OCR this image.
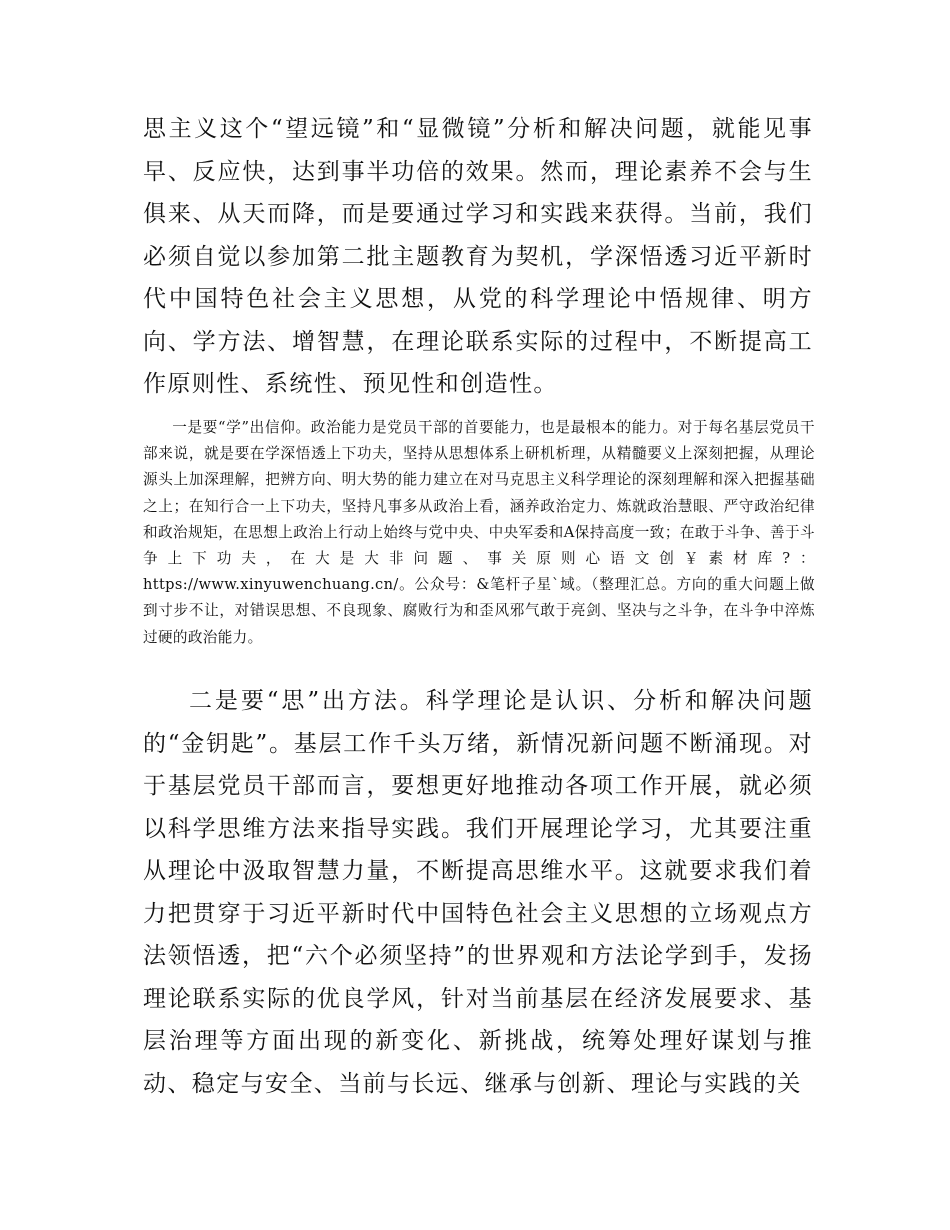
思主义这个“望远镜”和“显微镜”分析和解决问题，就能见事早、反应快，达到事半功倍的效果。然而，理论素养不会与生俱来、从天而降，而是要通过学习和实践来获得。当前，我们必须自觉以参加第二批主题教育为契机，学深悟透习近平新时代中国特色社会主义思想，从党的科学理论中悟规律、明方向、学方法、增智慧，在理论联系实际的过程中，不断提高工作原则性、系统性、预见性和创造性。

一是要“学”出信仰。政治能力是党员干部的首要能力，也是最根本的能力。对于每名基层党员干部来说，就是要在学深悟透上下功夫，坚持从思想体系上研机析理，从精髓要义上深刻把握，从理论源头上加深理解，把辨方向、明大势的能力建立在对马克思主义科学理论的深刻理解和深入把握基础之上；在知行合一上下功夫，坚持凡事多从政治上看，涵养政治定力、炼就政治慧眼、严守政治纪律和政治规矩，在思想上政治上行动上始终与党中央、中央军委和A保持高度一致；在敢于斗争、善于斗争上下功夫，在大是大非问题、事关原则心语文创￥素材库?：https://www.xinyuwenchuang.cn/。公众号：&笔杆子星`域。（整理汇总。方向的重大问题上做到寸步不让，对错误思想、不良现象、腐败行为和歪风邪气敢于亮剑、坚决与之斗争，在斗争中淬炼过硬的政治能力。

二是要“思”出方法。科学理论是认识、分析和解决问题的“金钥匙”。基层工作千头万绪，新情况新问题不断涌现。对于基层党员干部而言，要想更好地推动各项工作开展，就必须以科学思维方法来指导实践。我们开展理论学习，尤其要注重从理论中汲取智慧力量，不断提高思维水平。这就要求我们着力把贯穿于习近平新时代中国特色社会主义思想的立场观点方法领悟透，把“六个必须坚持”的世界观和方法论学到手，发扬理论联系实际的优良学风，针对当前基层在经济发展要求、基层治理等方面出现的新变化、新挑战，统筹处理好谋划与推动、稳定与安全、当前与长远、继承与创新、理论与实践的关
